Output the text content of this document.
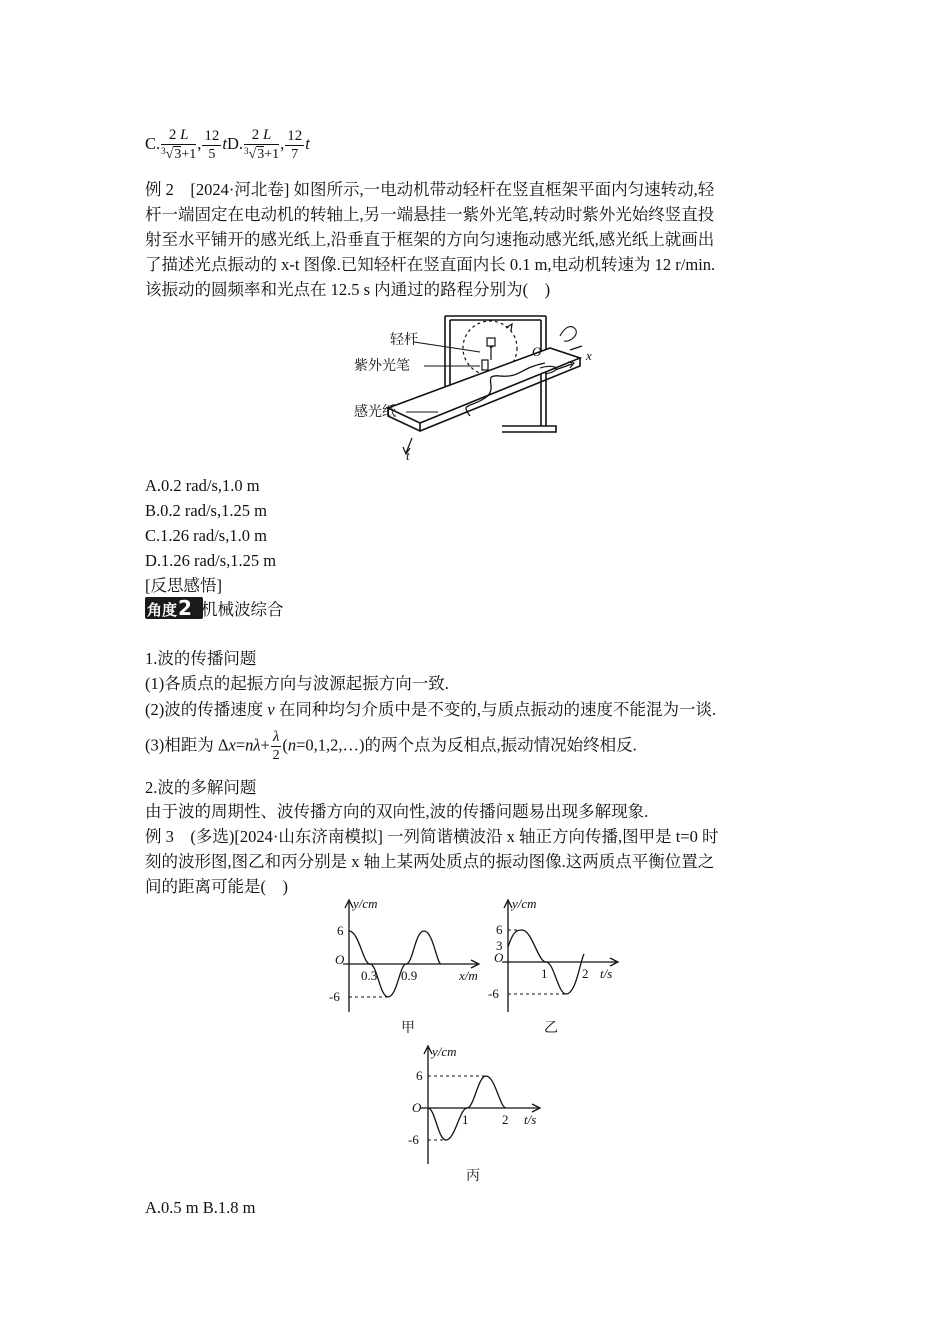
C. $\frac{2 L}{^3√3+1}$ , $\frac{12}{5}$ tD. $\frac{2 L}{^3√3+1}$ , $\frac{12}{7}$ t
例 2　[2024·河北卷] 如图所示,一电动机带动轻杆在竖直框架平面内匀速转动,轻
杆一端固定在电动机的转轴上,另一端悬挂一紫外光笔,转动时紫外光始终竖直投
射至水平铺开的感光纸上,沿垂直于框架的方向匀速拖动感光纸,感光纸上就画出
了描述光点振动的 x-t 图像.已知轻杆在竖直面内长 0.1 m,电动机转速为 12 r/min.
该振动的圆频率和光点在 12.5 s 内通过的路程分别为(　)
轻杆
紫外光笔
感光纸
O	x
t
A.0.2 rad/s,1.0 m
B.0.2 rad/s,1.25 m
C.1.26 rad/s,1.0 m
D.1.26 rad/s,1.25 m
[反思感悟]
角度2 机械波综合
1.波的传播问题
(1)各质点的起振方向与波源起振方向一致.
(2)波的传播速度 v 在同种均匀介质中是不变的,与质点振动的速度不能混为一谈.
(3)相距为 $\Delta x=n\lambda+ \frac{\lambda}{2}$ (n=0,1,2,…)的两个点为反相点,振动情况始终相反.
2.波的多解问题
由于波的周期性、波传播方向的双向性,波的传播问题易出现多解现象.
例 3　(多选)[2024·山东济南模拟] 一列简谐横波沿 x 轴正方向传播,图甲是 t=0 时
刻的波形图,图乙和丙分别是 x 轴上某两处质点的振动图像.这两质点平衡位置之
间的距离可能是(　)
y/cm
x/m
O
6
-6
0.3 0.9
甲
y/cm
t/s
O
6
3
-6
1	2
乙
y/cm
t/s
O
6
-6
1	2
丙
A.0.5 m B.1.8 m
